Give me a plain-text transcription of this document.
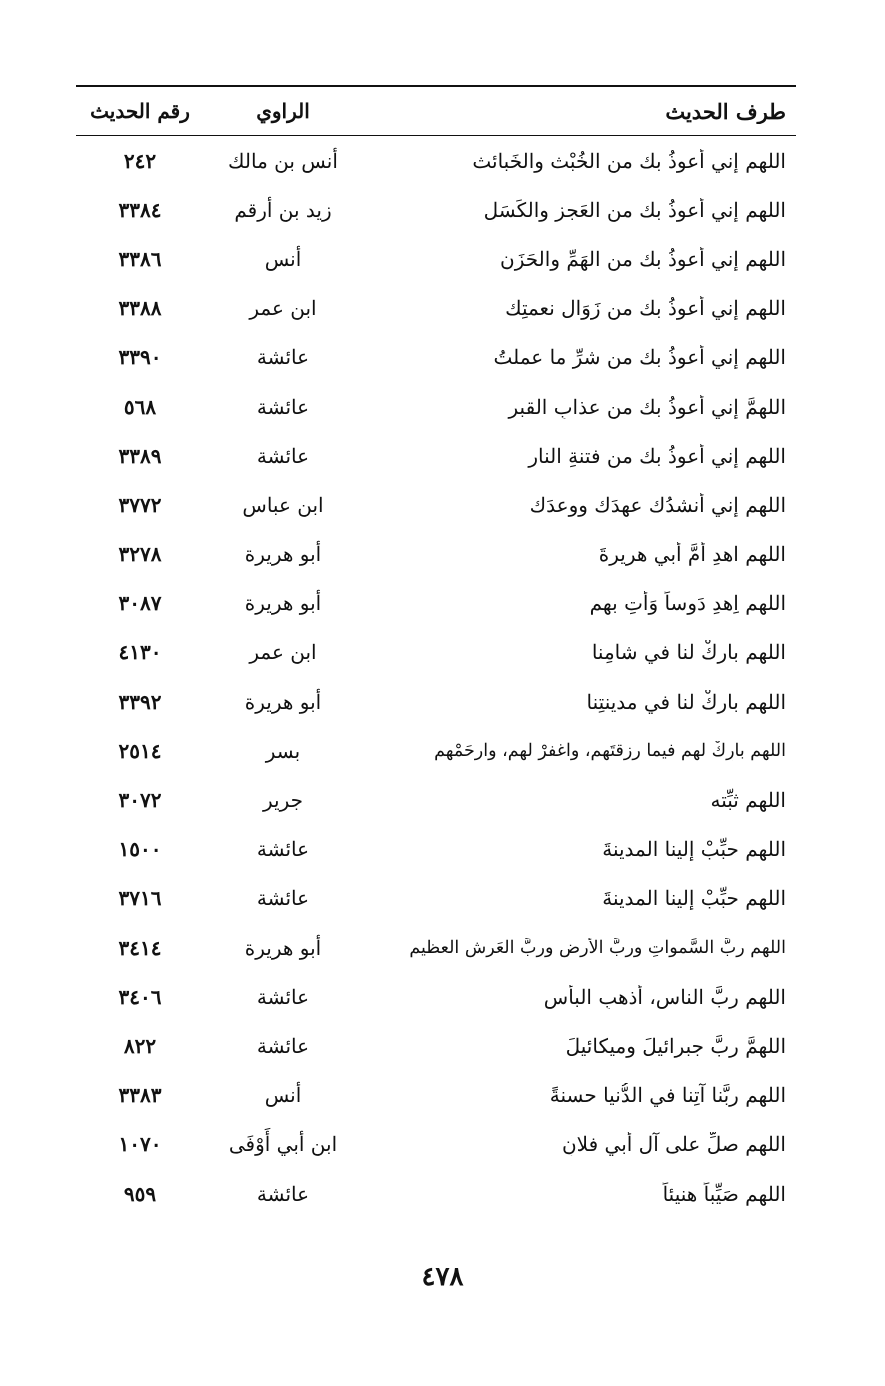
طرف الحديث
الراوي
رقم الحديث
اللهم إني أعوذُ بك من الخُبْث والخَبائث
أنس بن مالك
٢٤٢
اللهم إني أَعوذُ بك من العَجزِ والكَسَلِ
زيد بن أرقم
٣٣٨٤
اللهم إني أَعوذُ بك من الهَمِّ والحَزَنِ
أنس
٣٣٨٦
اللهم إني أَعوذُ بك من زَوَالِ نعمتِك
ابن عمر
٣٣٨٨
اللهم إني أَعوذُ بك من شرِّ ما عملتُ
عائشة
٣٣٩٠
اللهمَّ إني أَعوذُ بك من عذابِ القبرِ
عائشة
٥٦٨
اللهم إني أَعوذُ بك من فتنةِ النار
عائشة
٣٣٨٩
اللهم إني أَنشدُك عهدَك ووعدَك
ابن عباس
٣٧٧٢
اللهم اهدِ أمَّ أبي هريرةَ
أبو هريرة
٣٢٧٨
اللهم اِهدِ دَوساً وَأْتِ بهم
أبو هريرة
٣٠٨٧
اللهم بارِكْ لنا في شامِنا
ابن عمر
٤١٣٠
اللهم بارِكْ لنا في مدينتِنا
أبو هريرة
٣٣٩٢
اللهم بارِكْ لهم فيما رزقتَهم، واغفرْ لهم، وارحَمْهم
بسر
٢٥١٤
اللهم ثبِّته
جرير
٣٠٧٢
اللهم حبِّبْ إلينا المدينةَ
عائشة
١٥٠٠
اللهم حبِّبْ إلينا المدينةَ
عائشة
٣٧١٦
اللهم ربَّ السَّمواتِ وربَّ الأرضِ وربَّ العَرشِ العظيم
أبو هريرة
٣٤١٤
اللهم ربَّ الناس، أذهبِ البأس
عائشة
٣٤٠٦
اللهمَّ ربَّ جبرائيلَ وميكائيلَ
عائشة
٨٢٢
اللهم ربَّنا آتِنا في الدُّنيا حسنةً
أنس
٣٣٨٣
اللهم صلِّ على آلِ أبي فلانٍ
ابن أبي أَوْفَى
١٠٧٠
اللهم صَيِّباً هنيئاً
عائشة
٩٥٩
٤٧٨
